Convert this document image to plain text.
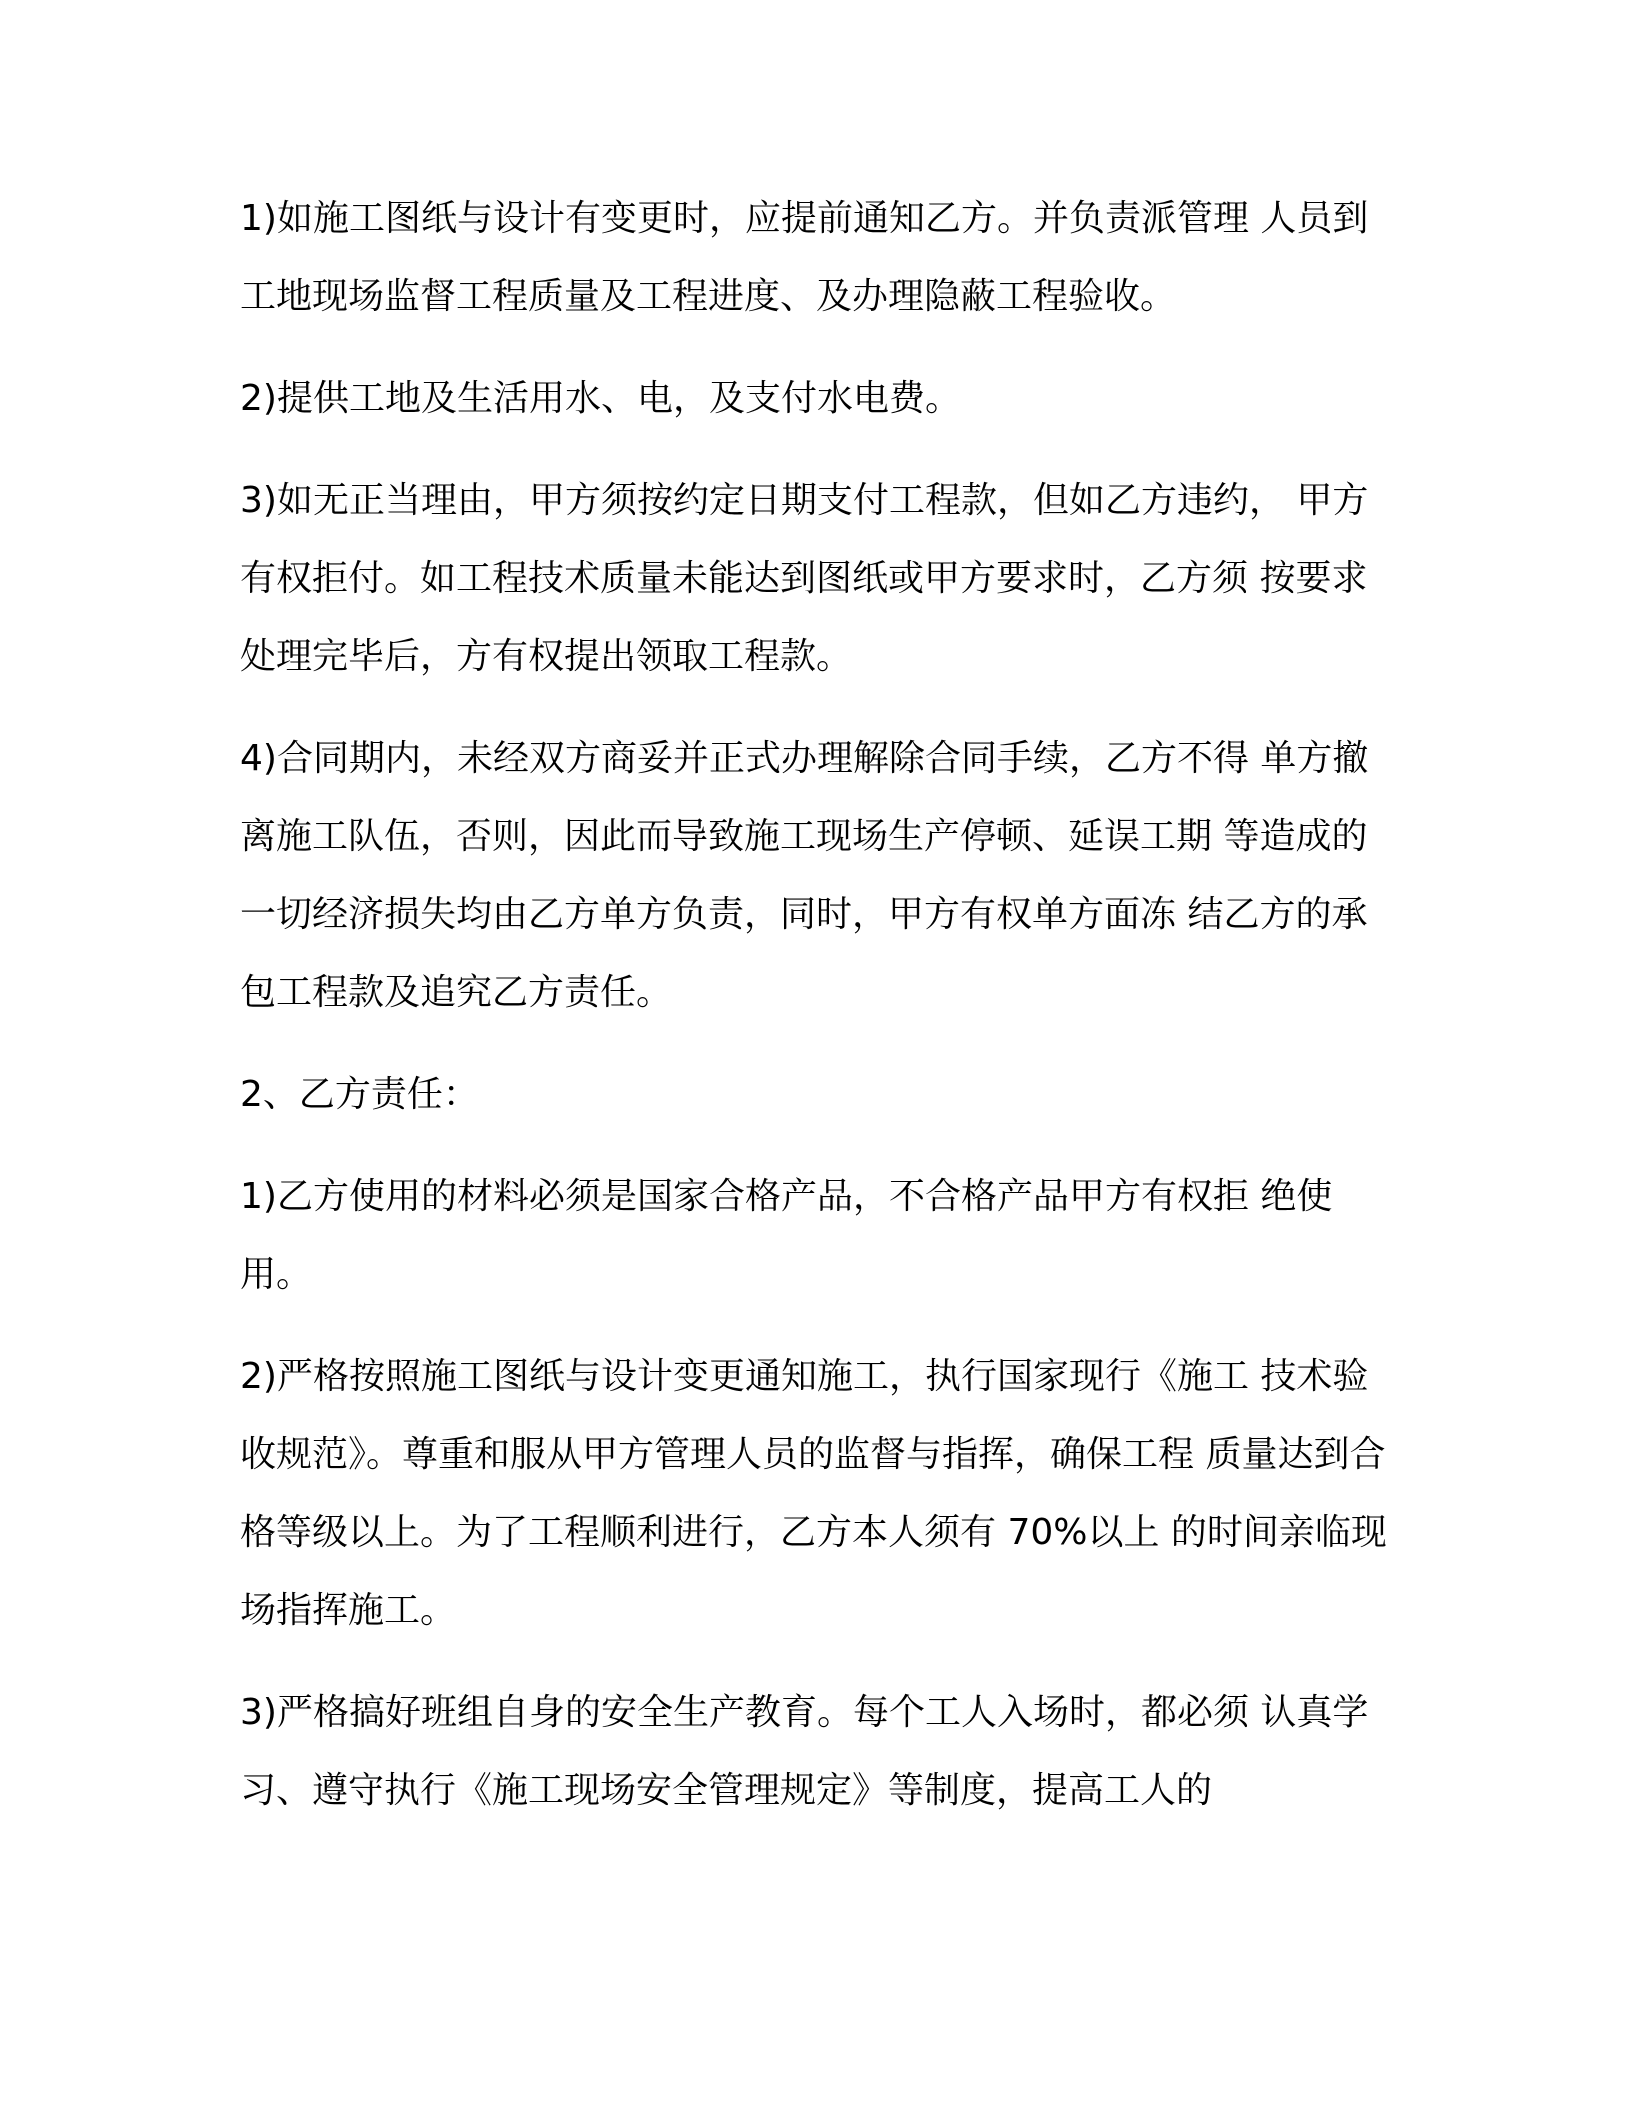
1)如施工图纸与设计有变更时，应提前通知乙方。并负责派管理 人员到工地现场监督工程质量及工程进度、及办理隐蔽工程验收。
2)提供工地及生活用水、电，及支付水电费。
3)如无正当理由，甲方须按约定日期支付工程款，但如乙方违约， 甲方有权拒付。如工程技术质量未能达到图纸或甲方要求时，乙方须 按要求处理完毕后，方有权提出领取工程款。
4)合同期内，未经双方商妥并正式办理解除合同手续，乙方不得 单方撤离施工队伍，否则，因此而导致施工现场生产停顿、延误工期 等造成的一切经济损失均由乙方单方负责，同时，甲方有权单方面冻 结乙方的承包工程款及追究乙方责任。
2、乙方责任：
1)乙方使用的材料必须是国家合格产品，不合格产品甲方有权拒 绝使用。
2)严格按照施工图纸与设计变更通知施工，执行国家现行《施工 技术验收规范》。尊重和服从甲方管理人员的监督与指挥，确保工程 质量达到合格等级以上。为了工程顺利进行，乙方本人须有 70%以上 的时间亲临现场指挥施工。
3)严格搞好班组自身的安全生产教育。每个工人入场时，都必须 认真学习、遵守执行《施工现场安全管理规定》等制度，提高工人的
